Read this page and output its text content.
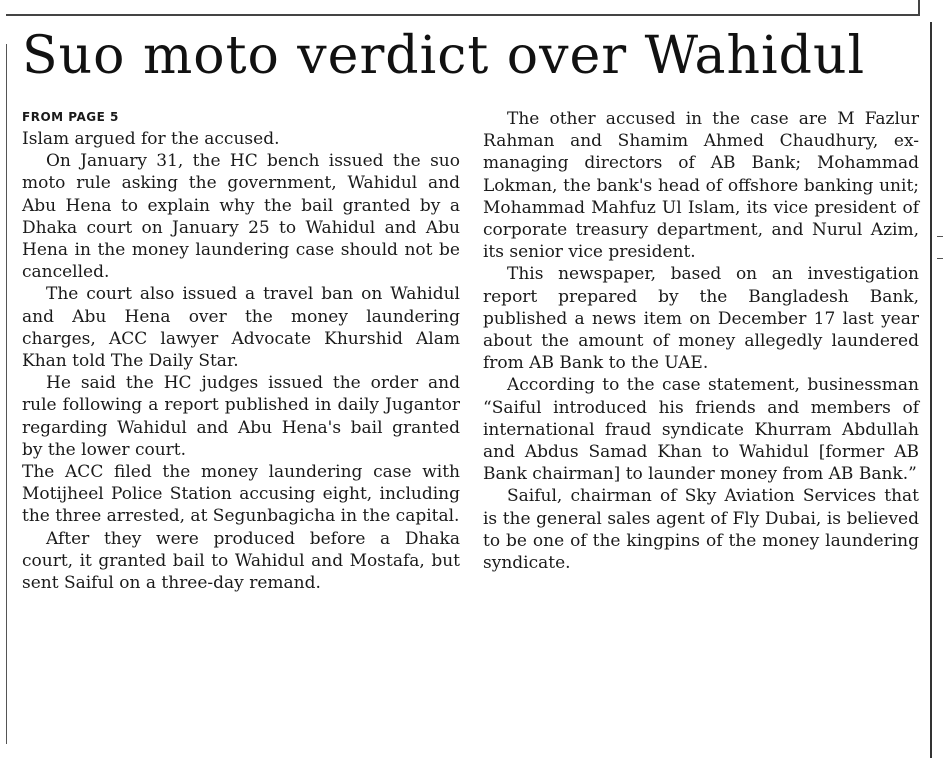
Suo moto verdict over Wahidul
FROM PAGE 5

Islam argued for the accused.

On January 31, the HC bench issued the suo moto rule asking the government, Wahidul and Abu Hena to explain why the bail granted by a Dhaka court on January 25 to Wahidul and Abu Hena in the money laundering case should not be cancelled.

The court also issued a travel ban on Wahidul and Abu Hena over the money laundering charges, ACC lawyer Advocate Khurshid Alam Khan told The Daily Star.

He said the HC judges issued the order and rule following a report published in daily Jugantor regarding Wahidul and Abu Hena's bail granted by the lower court.

The ACC filed the money laundering case with Motijheel Police Station accusing eight, including the three arrested, at Segunbagicha in the capital.

After they were produced before a Dhaka court, it granted bail to Wahidul and Mostafa, but sent Saiful on a three-day remand.

The other accused in the case are M Fazlur Rahman and Shamim Ahmed Chaudhury, ex-managing directors of AB Bank; Mohammad Lokman, the bank's head of offshore banking unit; Mohammad Mahfuz Ul Islam, its vice president of corporate treasury department, and Nurul Azim, its senior vice president.

This newspaper, based on an investigation report prepared by the Bangladesh Bank, published a news item on December 17 last year about the amount of money allegedly laundered from AB Bank to the UAE.

According to the case statement, businessman “Saiful introduced his friends and members of international fraud syndicate Khurram Abdullah and Abdus Samad Khan to Wahidul [former AB Bank chairman] to launder money from AB Bank.”

Saiful, chairman of Sky Aviation Services that is the general sales agent of Fly Dubai, is believed to be one of the kingpins of the money laundering syndicate.
